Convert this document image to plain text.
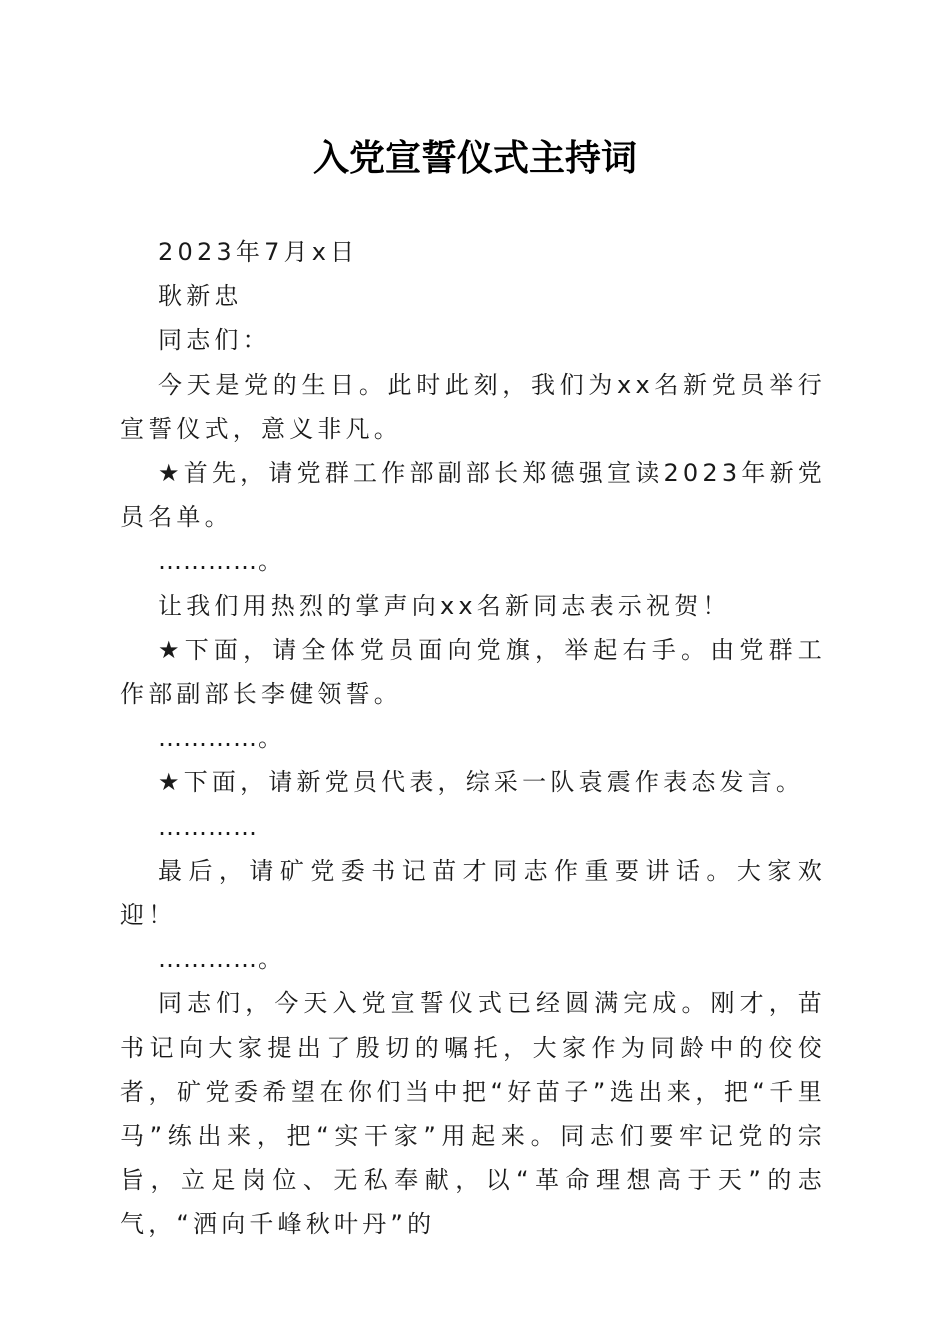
入党宣誓仪式主持词

2023年7月x日

耿新忠

同志们：

今天是党的生日。此时此刻，我们为xx名新党员举行宣誓仪式，意义非凡。

★首先，请党群工作部副部长郑德强宣读2023年新党员名单。

…………。

让我们用热烈的掌声向xx名新同志表示祝贺！

★下面，请全体党员面向党旗，举起右手。由党群工作部副部长李健领誓。

…………。

★下面，请新党员代表，综采一队袁震作表态发言。

…………

最后，请矿党委书记苗才同志作重要讲话。大家欢迎！

…………。

同志们，今天入党宣誓仪式已经圆满完成。刚才，苗书记向大家提出了殷切的嘱托，大家作为同龄中的佼佼者，矿党委希望在你们当中把“好苗子”选出来，把“千里马”练出来，把“实干家”用起来。同志们要牢记党的宗旨，立足岗位、无私奉献，以“革命理想高于天”的志气，“洒向千峰秋叶丹”的
